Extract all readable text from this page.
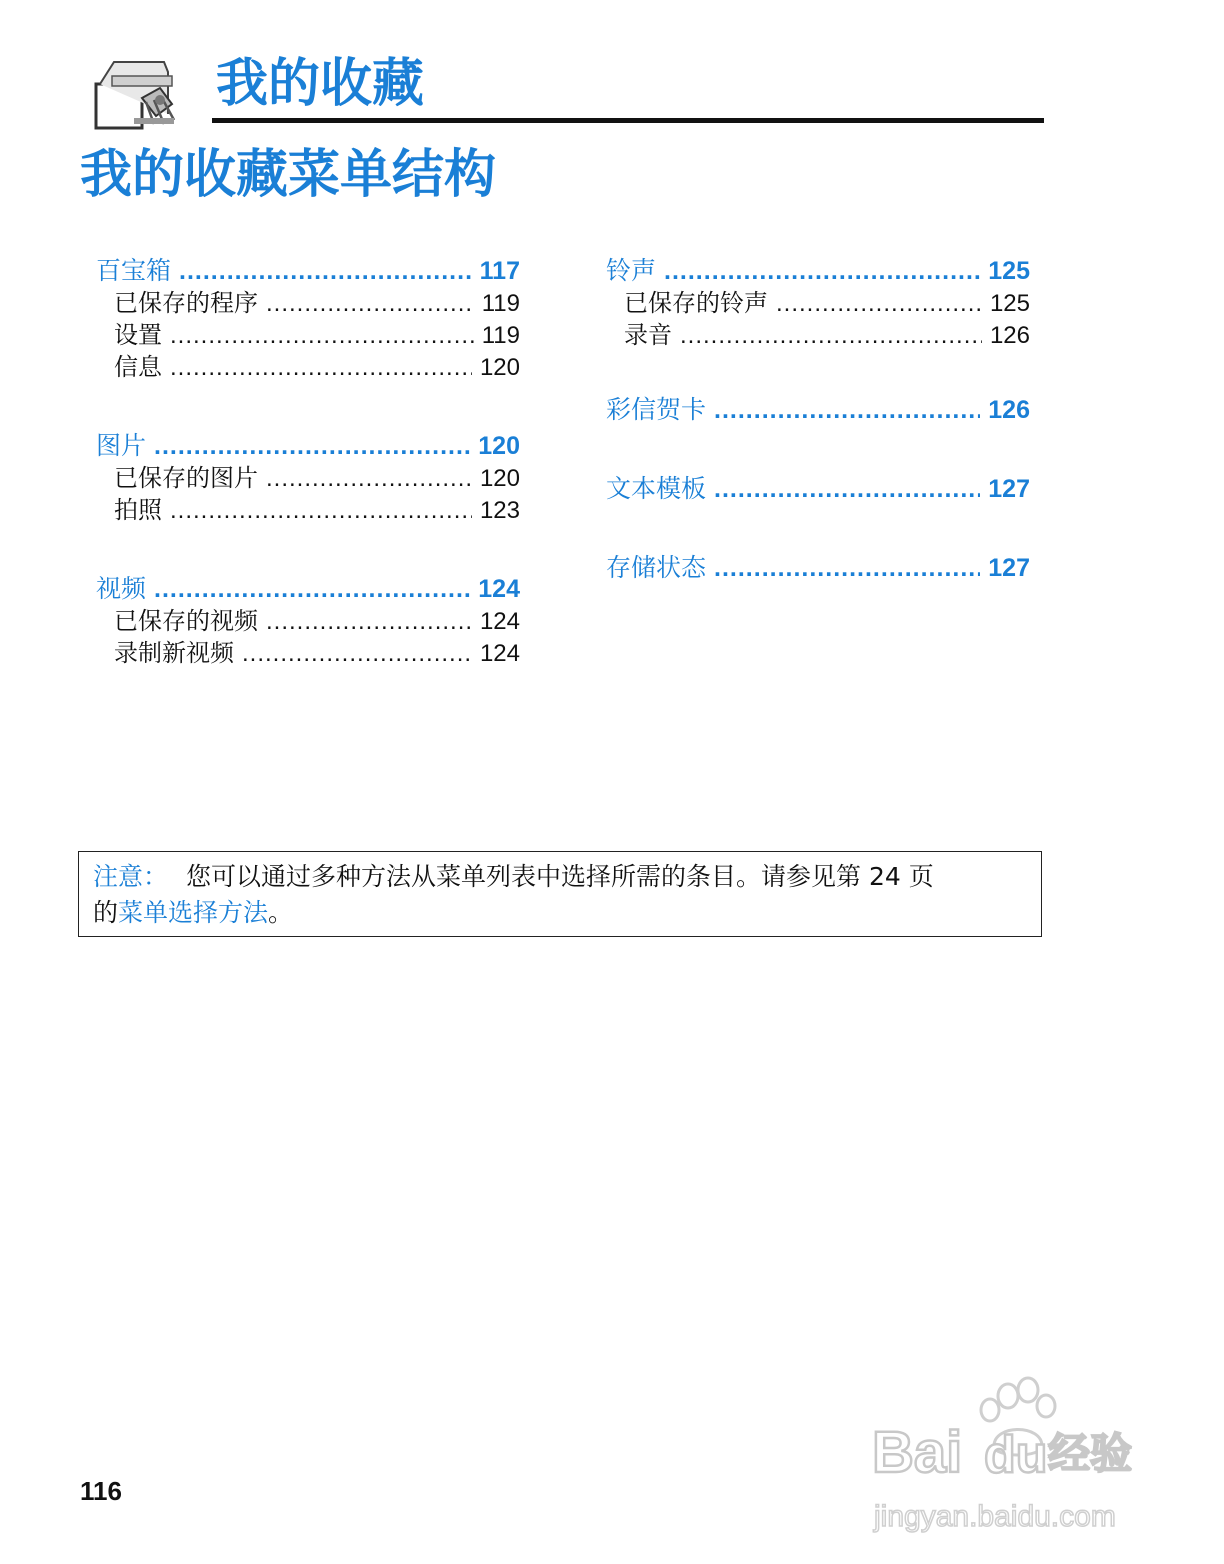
我的收藏
我的收藏菜单结构
百宝箱 .....	117
已保存的程序 .....	119
设置 .....	119
信息 .....	120
图片 .....	120
已保存的图片 .....	120
拍照 .....	123
视频 .....	124
已保存的视频 .....	124
录制新视频 .....	124
铃声 .....	125
已保存的铃声 .....	125
录音 .....	126
彩信贺卡 .....	126
文本模板 .....	127
存储状态 .....	127
注意： 您可以通过多种方法从菜单列表中选择所需的条目。请参见第 24 页
的菜单选择方法。
116
Bai du 经验
jingyan.baidu.com
